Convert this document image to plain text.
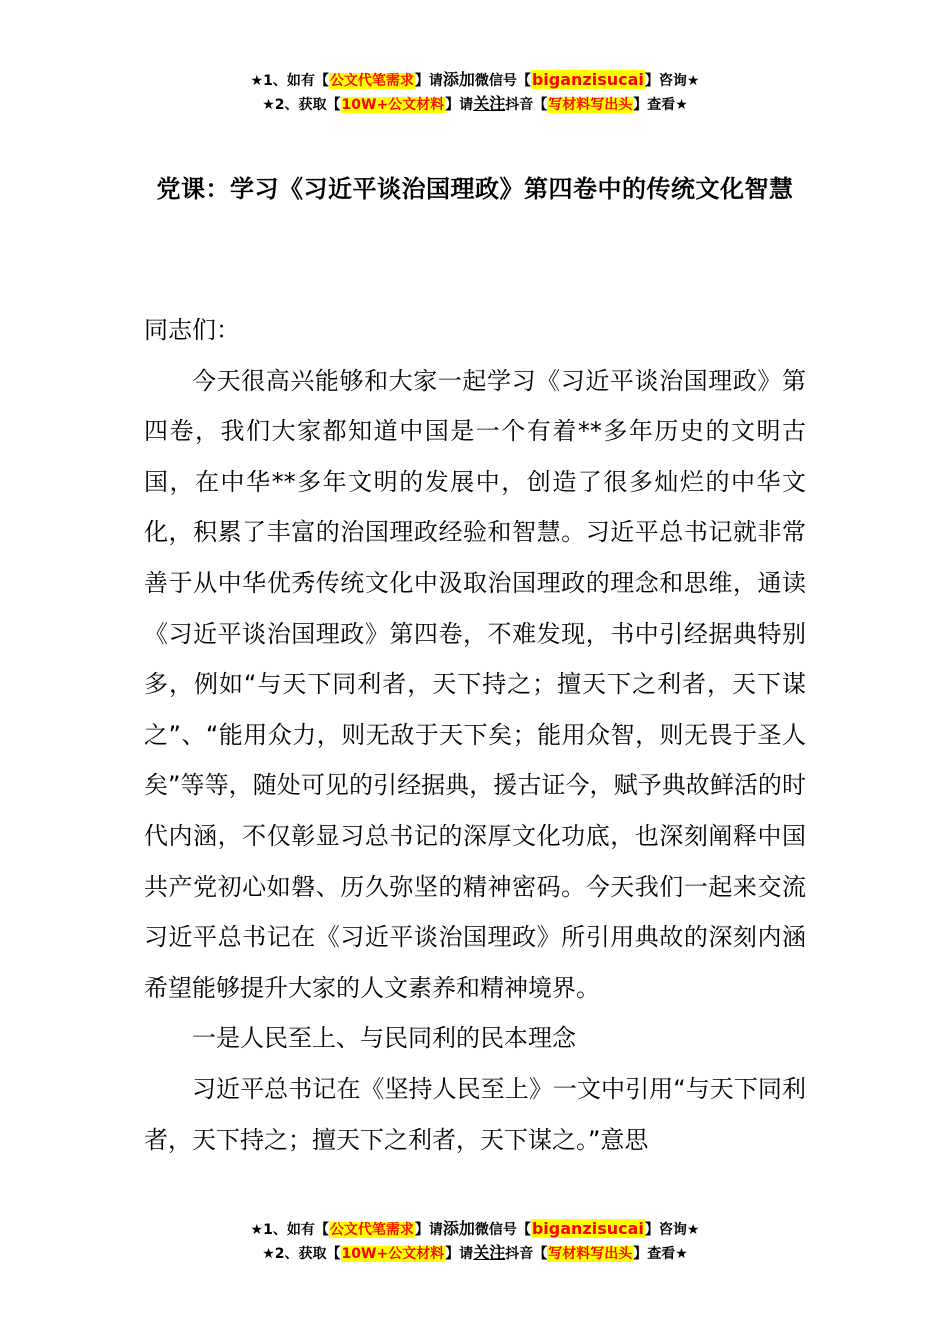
★1、如有【公文代笔需求】请添加微信号【biganzisucai】咨询★
★2、获取【10W+公文材料】请关注抖音【写材料写出头】查看★
党课：学习《习近平谈治国理政》第四卷中的传统文化智慧

同志们：

今天很高兴能够和大家一起学习《习近平谈治国理政》第四卷，我们大家都知道中国是一个有着**多年历史的文明古国，在中华**多年文明的发展中，创造了很多灿烂的中华文化，积累了丰富的治国理政经验和智慧。习近平总书记就非常善于从中华优秀传统文化中汲取治国理政的理念和思维，通读《习近平谈治国理政》第四卷，不难发现，书中引经据典特别多，例如“与天下同利者，天下持之；擅天下之利者，天下谋之”、“能用众力，则无敌于天下矣；能用众智，则无畏于圣人矣”等等，随处可见的引经据典，援古证今，赋予典故鲜活的时代内涵，不仅彰显习总书记的深厚文化功底，也深刻阐释中国共产党初心如磐、历久弥坚的精神密码。今天我们一起来交流习近平总书记在《习近平谈治国理政》所引用典故的深刻内涵希望能够提升大家的人文素养和精神境界。

一是人民至上、与民同利的民本理念

习近平总书记在《坚持人民至上》一文中引用“与天下同利者，天下持之；擅天下之利者，天下谋之。”意思

★1、如有【公文代笔需求】请添加微信号【biganzisucai】咨询★
★2、获取【10W+公文材料】请关注抖音【写材料写出头】查看★
